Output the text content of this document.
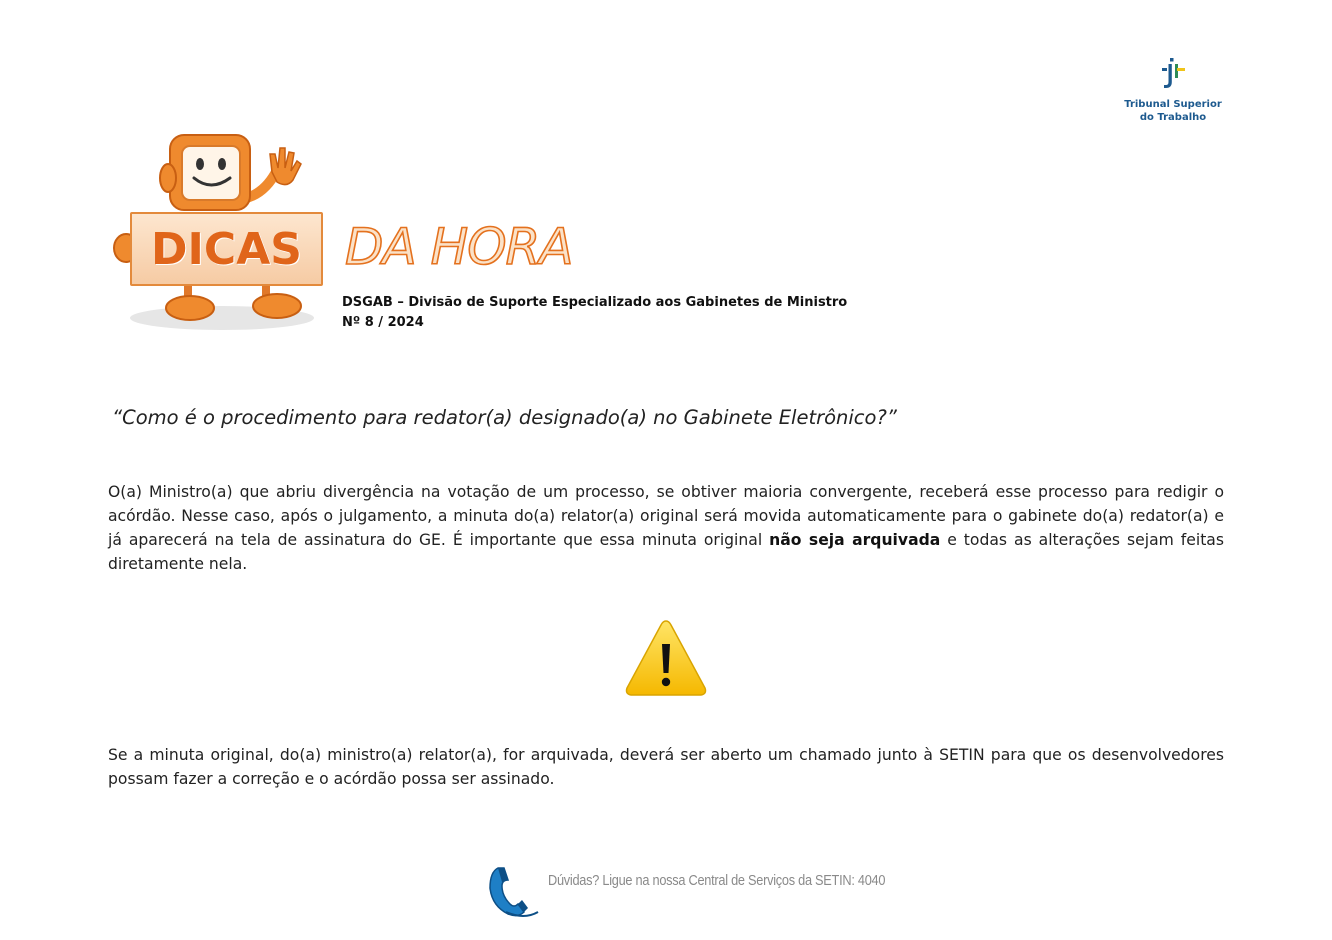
Tribunal Superior
do Trabalho
DICAS DA HORA
DSGAB – Divisão de Suporte Especializado aos Gabinetes de Ministro
Nº 8 / 2024
“Como é o procedimento para redator(a) designado(a) no Gabinete Eletrônico?”
O(a) Ministro(a) que abriu divergência na votação de um processo, se obtiver maioria convergente, receberá esse processo para redigir o acórdão. Nesse caso, após o julgamento, a minuta do(a) relator(a) original será movida automaticamente para o gabinete do(a) redator(a) e já aparecerá na tela de assinatura do GE. É importante que essa minuta original não seja arquivada e todas as alterações sejam feitas diretamente nela.
Se a minuta original, do(a) ministro(a) relator(a), for arquivada, deverá ser aberto um chamado junto à SETIN para que os desenvolvedores possam fazer a correção e o acórdão possa ser assinado.
Dúvidas? Ligue na nossa Central de Serviços da SETIN: 4040
